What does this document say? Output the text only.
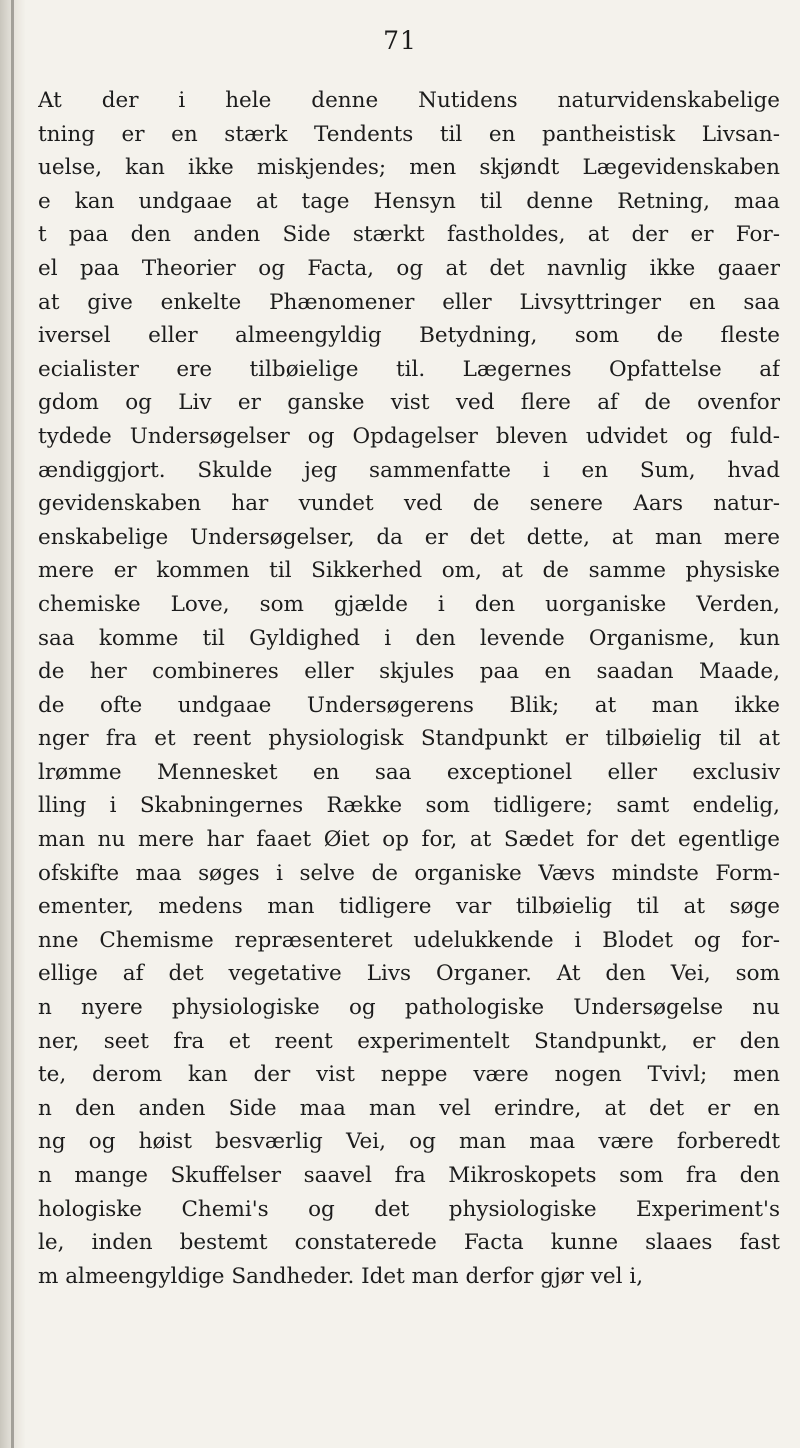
71
At der i hele denne Nutidens naturvidenskabelige
tning er en stærk Tendents til en pantheistisk Livsan-
uelse, kan ikke miskjendes; men skjøndt Lægevidenskaben
e kan undgaae at tage Hensyn til denne Retning, maa
t paa den anden Side stærkt fastholdes, at der er For-
el paa Theorier og Facta, og at det navnlig ikke gaaer
at give enkelte Phænomener eller Livsyttringer en saa
iversel eller almeengyldig Betydning, som de fleste
ecialister ere tilbøielige til. Lægernes Opfattelse af
gdom og Liv er ganske vist ved flere af de ovenfor
tydede Undersøgelser og Opdagelser bleven udvidet og fuld-
ændiggjort. Skulde jeg sammenfatte i en Sum, hvad
gevidenskaben har vundet ved de senere Aars natur-
enskabelige Undersøgelser, da er det dette, at man mere
mere er kommen til Sikkerhed om, at de samme physiske
chemiske Love, som gjælde i den uorganiske Verden,
saa komme til Gyldighed i den levende Organisme, kun
de her combineres eller skjules paa en saadan Maade,
de ofte undgaae Undersøgerens Blik; at man ikke
nger fra et reent physiologisk Standpunkt er tilbøielig til at
lrømme Mennesket en saa exceptionel eller exclusiv
lling i Skabningernes Række som tidligere; samt endelig,
man nu mere har faaet Øiet op for, at Sædet for det egentlige
ofskifte maa søges i selve de organiske Vævs mindste Form-
ementer, medens man tidligere var tilbøielig til at søge
nne Chemisme repræsenteret udelukkende i Blodet og for-
ellige af det vegetative Livs Organer. At den Vei, som
n nyere physiologiske og pathologiske Undersøgelse nu
ner, seet fra et reent experimentelt Standpunkt, er den
te, derom kan der vist neppe være nogen Tvivl; men
n den anden Side maa man vel erindre, at det er en
ng og høist besværlig Vei, og man maa være forberedt
n mange Skuffelser saavel fra Mikroskopets som fra den
hologiske Chemi's og det physiologiske Experiment's
le, inden bestemt constaterede Facta kunne slaaes fast
m almeengyldige Sandheder. Idet man derfor gjør vel i,
